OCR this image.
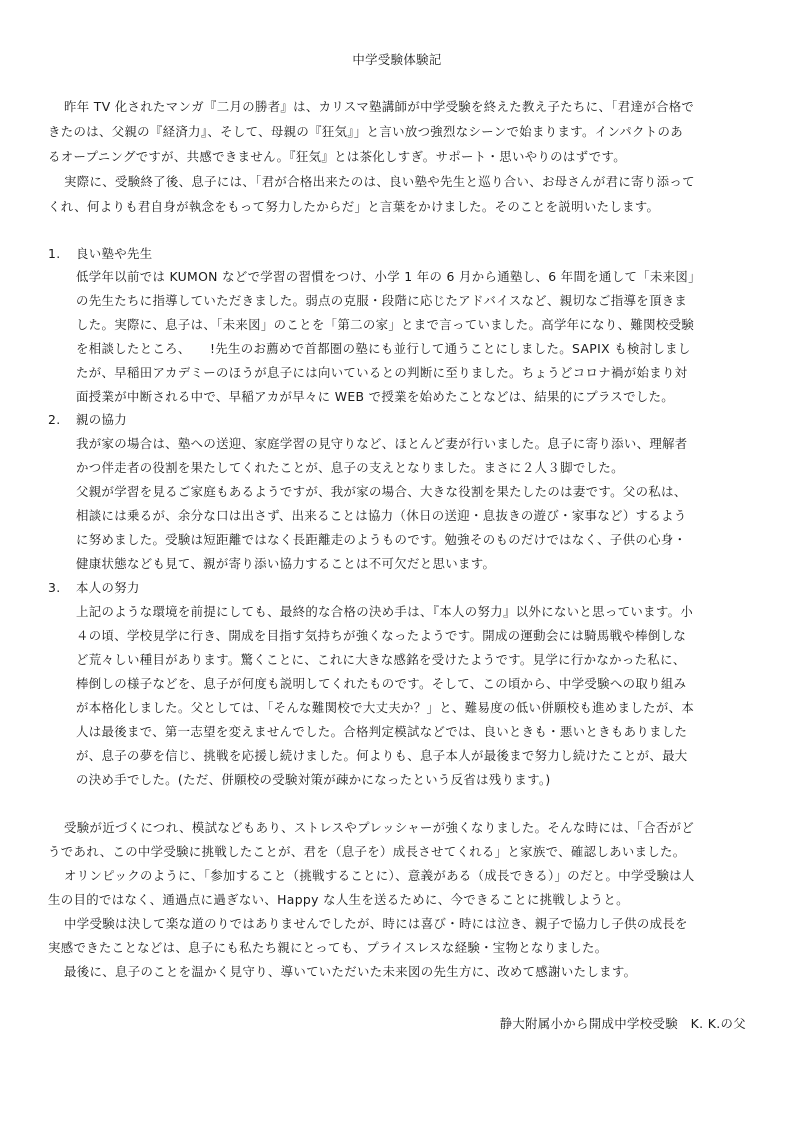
中学受験体験記
昨年 TV 化されたマンガ『二月の勝者』は、カリスマ塾講師が中学受験を終えた教え子たちに、「君達が合格で
きたのは、父親の『経済力』、そして、母親の『狂気』」と言い放つ強烈なシーンで始まります。インパクトのあ
るオープニングですが、共感できません。『狂気』とは茶化しすぎ。サポート・思いやりのはずです。
実際に、受験終了後、息子には、「君が合格出来たのは、良い塾や先生と巡り合い、お母さんが君に寄り添って
くれ、何よりも君自身が執念をもって努力したからだ」と言葉をかけました。そのことを説明いたします。
1. 良い塾や先生
低学年以前では KUMON などで学習の習慣をつけ、小学 1 年の 6 月から通塾し、6 年間を通して「未来図」
の先生たちに指導していただきました。弱点の克服・段階に応じたアドバイスなど、親切なご指導を頂きま
した。実際に、息子は、「未来図」のことを「第二の家」とまで言っていました。高学年になり、難関校受験
を相談したところ、　　!先生のお薦めで首都圏の塾にも並行して通うことにしました。SAPIX も検討しまし
たが、早稲田アカデミーのほうが息子には向いているとの判断に至りました。ちょうどコロナ禍が始まり対
面授業が中断される中で、早稲アカが早々に WEB で授業を始めたことなどは、結果的にプラスでした。
2. 親の協力
我が家の場合は、塾への送迎、家庭学習の見守りなど、ほとんど妻が行いました。息子に寄り添い、理解者
かつ伴走者の役割を果たしてくれたことが、息子の支えとなりました。まさに２人３脚でした。
父親が学習を見るご家庭もあるようですが、我が家の場合、大きな役割を果たしたのは妻です。父の私は、
相談には乗るが、余分な口は出さず、出来ることは協力（休日の送迎・息抜きの遊び・家事など）するよう
に努めました。受験は短距離ではなく長距離走のようものです。勉強そのものだけではなく、子供の心身・
健康状態なども見て、親が寄り添い協力することは不可欠だと思います。
3. 本人の努力
上記のような環境を前提にしても、最終的な合格の決め手は、『本人の努力』以外にないと思っています。小
４の頃、学校見学に行き、開成を目指す気持ちが強くなったようです。開成の運動会には騎馬戦や棒倒しな
ど荒々しい種目があります。驚くことに、これに大きな感銘を受けたようです。見学に行かなかった私に、
棒倒しの様子などを、息子が何度も説明してくれたものです。そして、この頃から、中学受験への取り組み
が本格化しました。父としては、「そんな難関校で大丈夫か？」と、難易度の低い併願校も進めましたが、本
人は最後まで、第一志望を変えませんでした。合格判定模試などでは、良いときも・悪いときもありました
が、息子の夢を信じ、挑戦を応援し続けました。何よりも、息子本人が最後まで努力し続けたことが、最大
の決め手でした。(ただ、併願校の受験対策が疎かになったという反省は残ります。)
受験が近づくにつれ、模試などもあり、ストレスやプレッシャーが強くなりました。そんな時には、「合否がど
うであれ、この中学受験に挑戦したことが、君を（息子を）成長させてくれる」と家族で、確認しあいました。
オリンピックのように、「参加すること（挑戦することに）、意義がある（成長できる）」のだと。中学受験は人
生の目的ではなく、通過点に過ぎない、Happy な人生を送るために、今できることに挑戦しようと。
中学受験は決して楽な道のりではありませんでしたが、時には喜び・時には泣き、親子で協力し子供の成長を
実感できたことなどは、息子にも私たち親にとっても、プライスレスな経験・宝物となりました。
最後に、息子のことを温かく見守り、導いていただいた未来図の先生方に、改めて感謝いたします。
静大附属小から開成中学校受験　K. K.の父
